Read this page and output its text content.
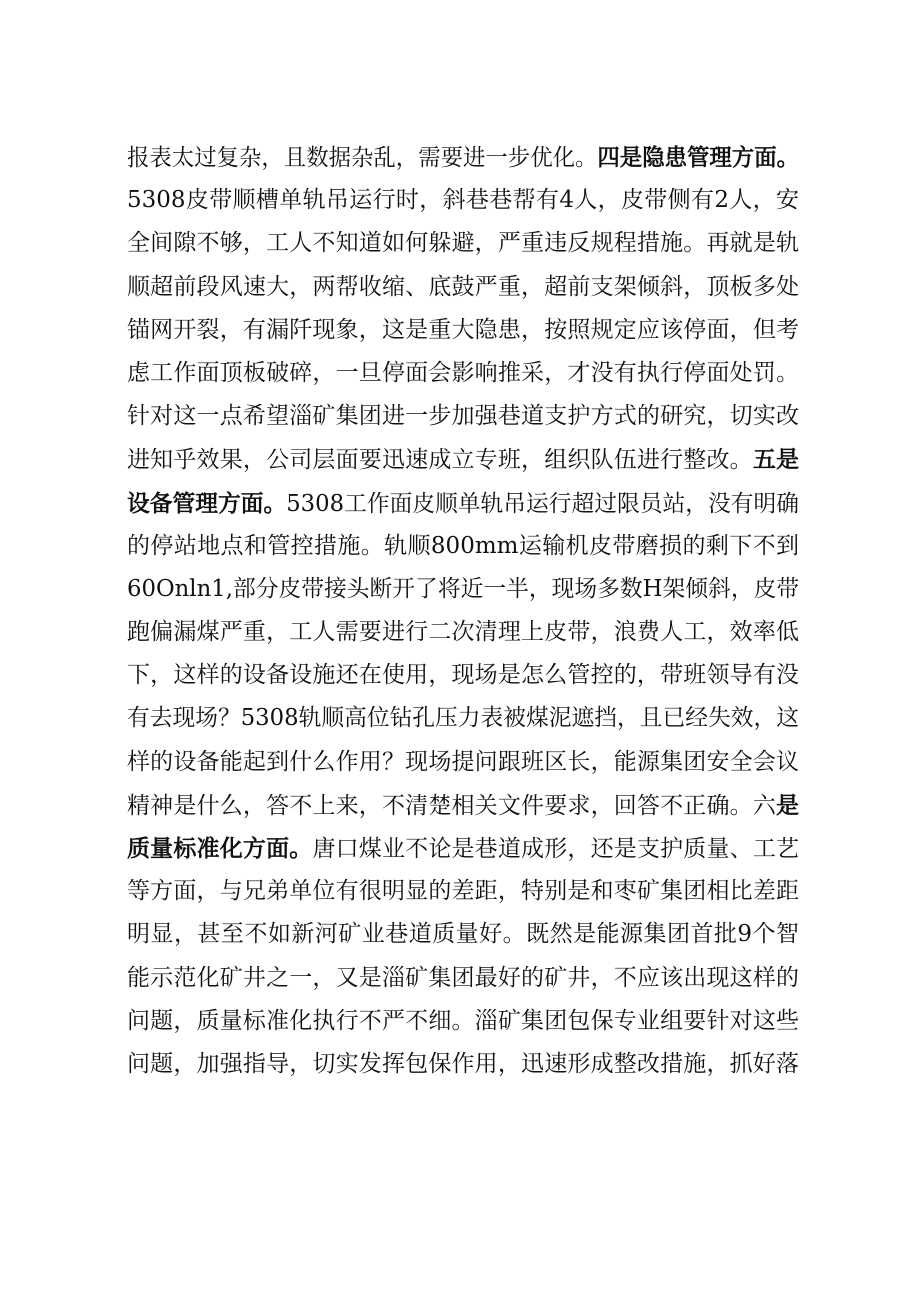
报表太过复杂，且数据杂乱，需要进一步优化。四是隐患管理方面。
5308皮带顺槽单轨吊运行时，斜巷巷帮有4人，皮带侧有2人，安
全间隙不够，工人不知道如何躲避，严重违反规程措施。再就是轨
顺超前段风速大，两帮收缩、底鼓严重，超前支架倾斜，顶板多处
锚网开裂，有漏阡现象，这是重大隐患，按照规定应该停面，但考
虑工作面顶板破碎，一旦停面会影响推采，才没有执行停面处罚。
针对这一点希望淄矿集团进一步加强巷道支护方式的研究，切实改
进知乎效果，公司层面要迅速成立专班，组织队伍进行整改。五是
设备管理方面。5308工作面皮顺单轨吊运行超过限员站，没有明确
的停站地点和管控措施。轨顺800mm运输机皮带磨损的剩下不到
60Onln1,部分皮带接头断开了将近一半，现场多数H架倾斜，皮带
跑偏漏煤严重，工人需要进行二次清理上皮带，浪费人工，效率低
下，这样的设备设施还在使用，现场是怎么管控的，带班领导有没
有去现场？5308轨顺高位钻孔压力表被煤泥遮挡，且已经失效，这
样的设备能起到什么作用？现场提问跟班区长，能源集团安全会议
精神是什么，答不上来，不清楚相关文件要求，回答不正确。六是
质量标准化方面。唐口煤业不论是巷道成形，还是支护质量、工艺
等方面，与兄弟单位有很明显的差距，特别是和枣矿集团相比差距
明显，甚至不如新河矿业巷道质量好。既然是能源集团首批9个智
能示范化矿井之一，又是淄矿集团最好的矿井，不应该出现这样的
问题，质量标准化执行不严不细。淄矿集团包保专业组要针对这些
问题，加强指导，切实发挥包保作用，迅速形成整改措施，抓好落
